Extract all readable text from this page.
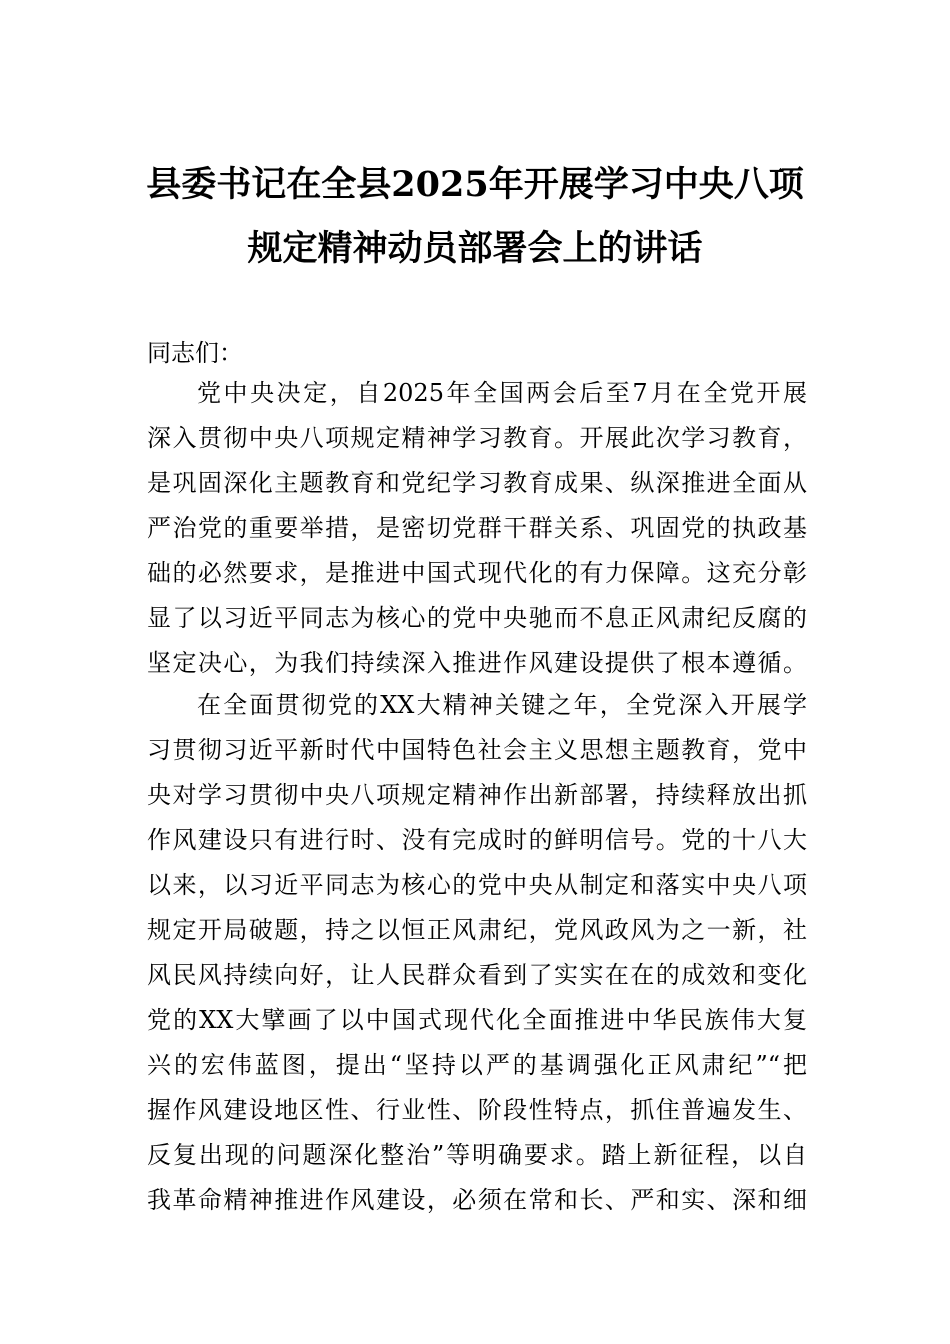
县委书记在全县2025年开展学习中央八项
规定精神动员部署会上的讲话
同志们：
党中央决定，自2025年全国两会后至7月在全党开展
深入贯彻中央八项规定精神学习教育。开展此次学习教育，
是巩固深化主题教育和党纪学习教育成果、纵深推进全面从
严治党的重要举措，是密切党群干群关系、巩固党的执政基
础的必然要求，是推进中国式现代化的有力保障。这充分彰
显了以习近平同志为核心的党中央驰而不息正风肃纪反腐的
坚定决心，为我们持续深入推进作风建设提供了根本遵循。
在全面贯彻党的XX大精神关键之年，全党深入开展学
习贯彻习近平新时代中国特色社会主义思想主题教育，党中
央对学习贯彻中央八项规定精神作出新部署，持续释放出抓
作风建设只有进行时、没有完成时的鲜明信号。党的十八大
以来，以习近平同志为核心的党中央从制定和落实中央八项
规定开局破题，持之以恒正风肃纪，党风政风为之一新，社
风民风持续向好，让人民群众看到了实实在在的成效和变化
党的XX大擘画了以中国式现代化全面推进中华民族伟大复
兴的宏伟蓝图，提出“坚持以严的基调强化正风肃纪”“把
握作风建设地区性、行业性、阶段性特点，抓住普遍发生、
反复出现的问题深化整治”等明确要求。踏上新征程，以自
我革命精神推进作风建设，必须在常和长、严和实、深和细
